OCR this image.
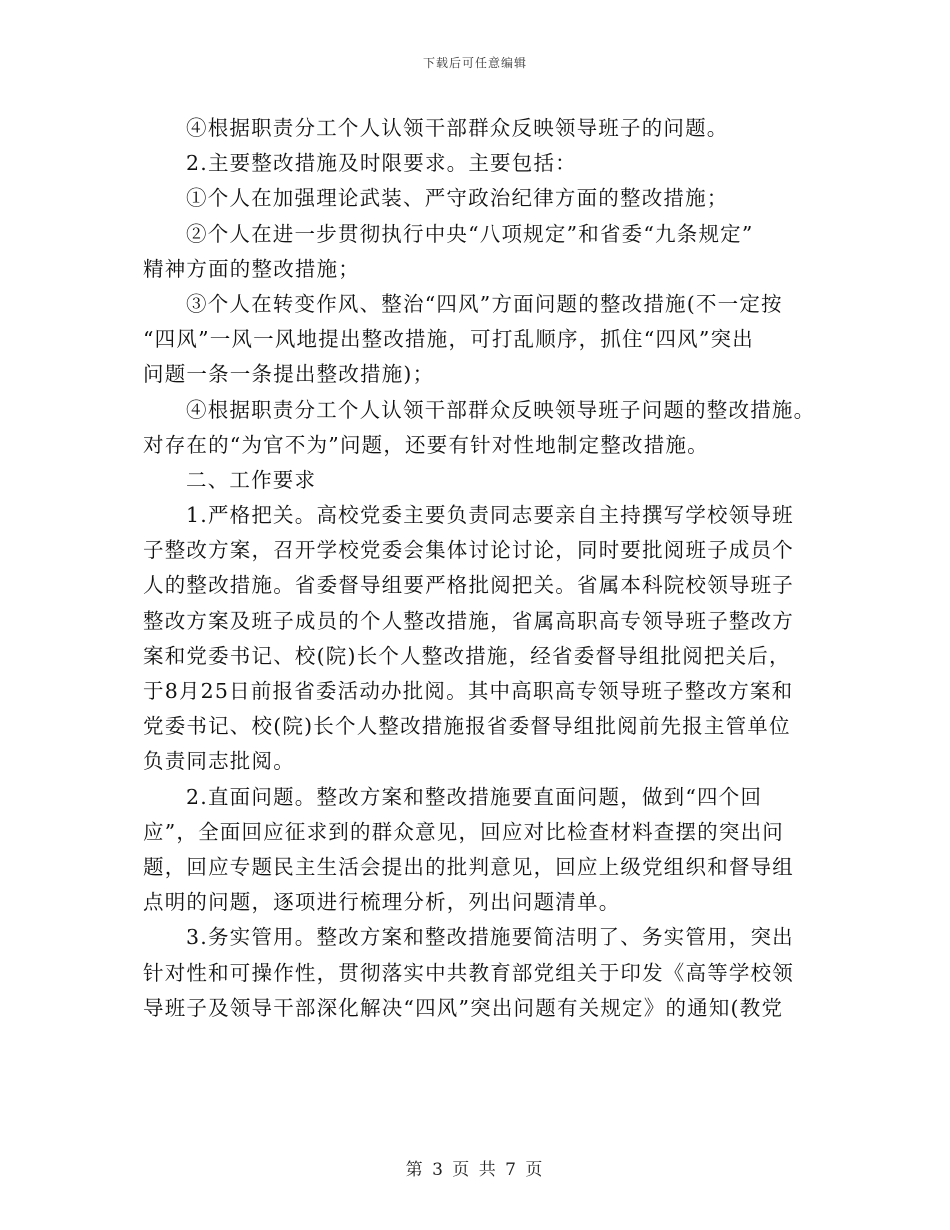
下载后可任意编辑
④根据职责分工个人认领干部群众反映领导班子的问题。
2.主要整改措施及时限要求。主要包括：
①个人在加强理论武装、严守政治纪律方面的整改措施；
②个人在进一步贯彻执行中央“八项规定”和省委“九条规定”
精神方面的整改措施；
③个人在转变作风、整治“四风”方面问题的整改措施(不一定按
“四风”一风一风地提出整改措施，可打乱顺序，抓住“四风”突出
问题一条一条提出整改措施)；
④根据职责分工个人认领干部群众反映领导班子问题的整改措施。
对存在的“为官不为”问题，还要有针对性地制定整改措施。
二、工作要求
1.严格把关。高校党委主要负责同志要亲自主持撰写学校领导班
子整改方案，召开学校党委会集体讨论讨论，同时要批阅班子成员个
人的整改措施。省委督导组要严格批阅把关。省属本科院校领导班子
整改方案及班子成员的个人整改措施，省属高职高专领导班子整改方
案和党委书记、校(院)长个人整改措施，经省委督导组批阅把关后，
于8月25日前报省委活动办批阅。其中高职高专领导班子整改方案和
党委书记、校(院)长个人整改措施报省委督导组批阅前先报主管单位
负责同志批阅。
2.直面问题。整改方案和整改措施要直面问题，做到“四个回
应”，全面回应征求到的群众意见，回应对比检查材料查摆的突出问
题，回应专题民主生活会提出的批判意见，回应上级党组织和督导组
点明的问题，逐项进行梳理分析，列出问题清单。
3.务实管用。整改方案和整改措施要简洁明了、务实管用，突出
针对性和可操作性，贯彻落实中共教育部党组关于印发《高等学校领
导班子及领导干部深化解决“四风”突出问题有关规定》的通知(教党
第 3 页 共 7 页
